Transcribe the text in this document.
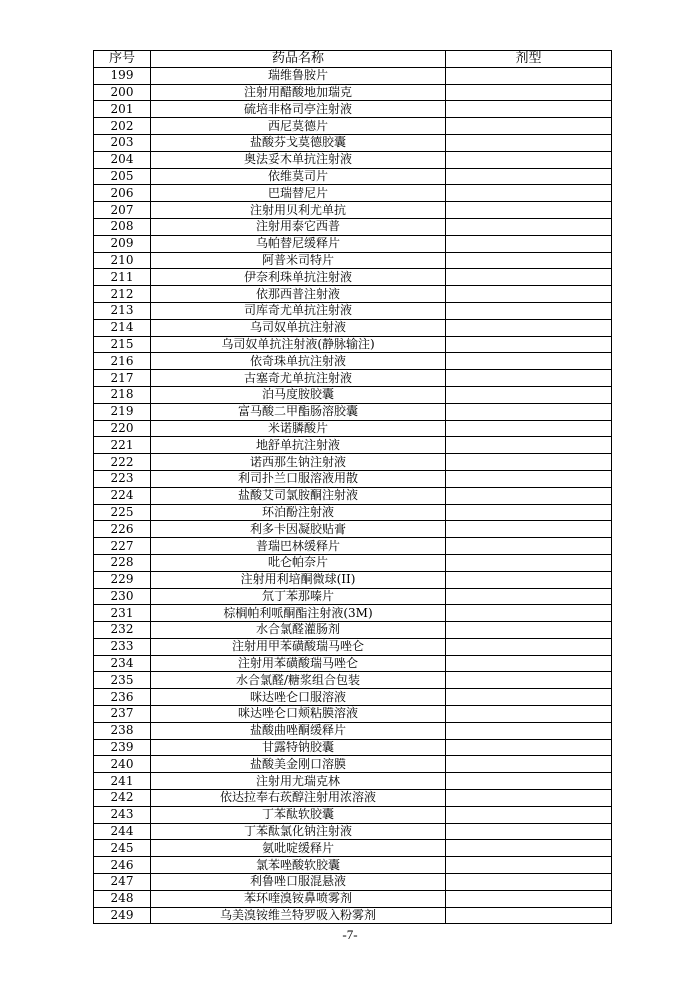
序号	药品名称	剂型
199	瑞维鲁胺片	
200	注射用醋酸地加瑞克	
201	硫培非格司亭注射液	
202	西尼莫德片	
203	盐酸芬戈莫德胶囊	
204	奥法妥木单抗注射液	
205	依维莫司片	
206	巴瑞替尼片	
207	注射用贝利尤单抗	
208	注射用泰它西普	
209	乌帕替尼缓释片	
210	阿普米司特片	
211	伊奈利珠单抗注射液	
212	依那西普注射液	
213	司库奇尤单抗注射液	
214	乌司奴单抗注射液	
215	乌司奴单抗注射液(静脉输注)	
216	依奇珠单抗注射液	
217	古塞奇尤单抗注射液	
218	泊马度胺胶囊	
219	富马酸二甲酯肠溶胶囊	
220	米诺膦酸片	
221	地舒单抗注射液	
222	诺西那生钠注射液	
223	利司扑兰口服溶液用散	
224	盐酸艾司氯胺酮注射液	
225	环泊酚注射液	
226	利多卡因凝胶贴膏	
227	普瑞巴林缓释片	
228	吡仑帕奈片	
229	注射用利培酮微球(II)	
230	氘丁苯那嗪片	
231	棕榈帕利哌酮酯注射液(3M)	
232	水合氯醛灌肠剂	
233	注射用甲苯磺酸瑞马唑仑	
234	注射用苯磺酸瑞马唑仑	
235	水合氯醛/糖浆组合包装	
236	咪达唑仑口服溶液	
237	咪达唑仑口颊粘膜溶液	
238	盐酸曲唑酮缓释片	
239	甘露特钠胶囊	
240	盐酸美金刚口溶膜	
241	注射用尤瑞克林	
242	依达拉奉右莰醇注射用浓溶液	
243	丁苯酞软胶囊	
244	丁苯酞氯化钠注射液	
245	氨吡啶缓释片	
246	氯苯唑酸软胶囊	
247	利鲁唑口服混悬液	
248	苯环喹溴铵鼻喷雾剂	
249	乌美溴铵维兰特罗吸入粉雾剂	
-7-
